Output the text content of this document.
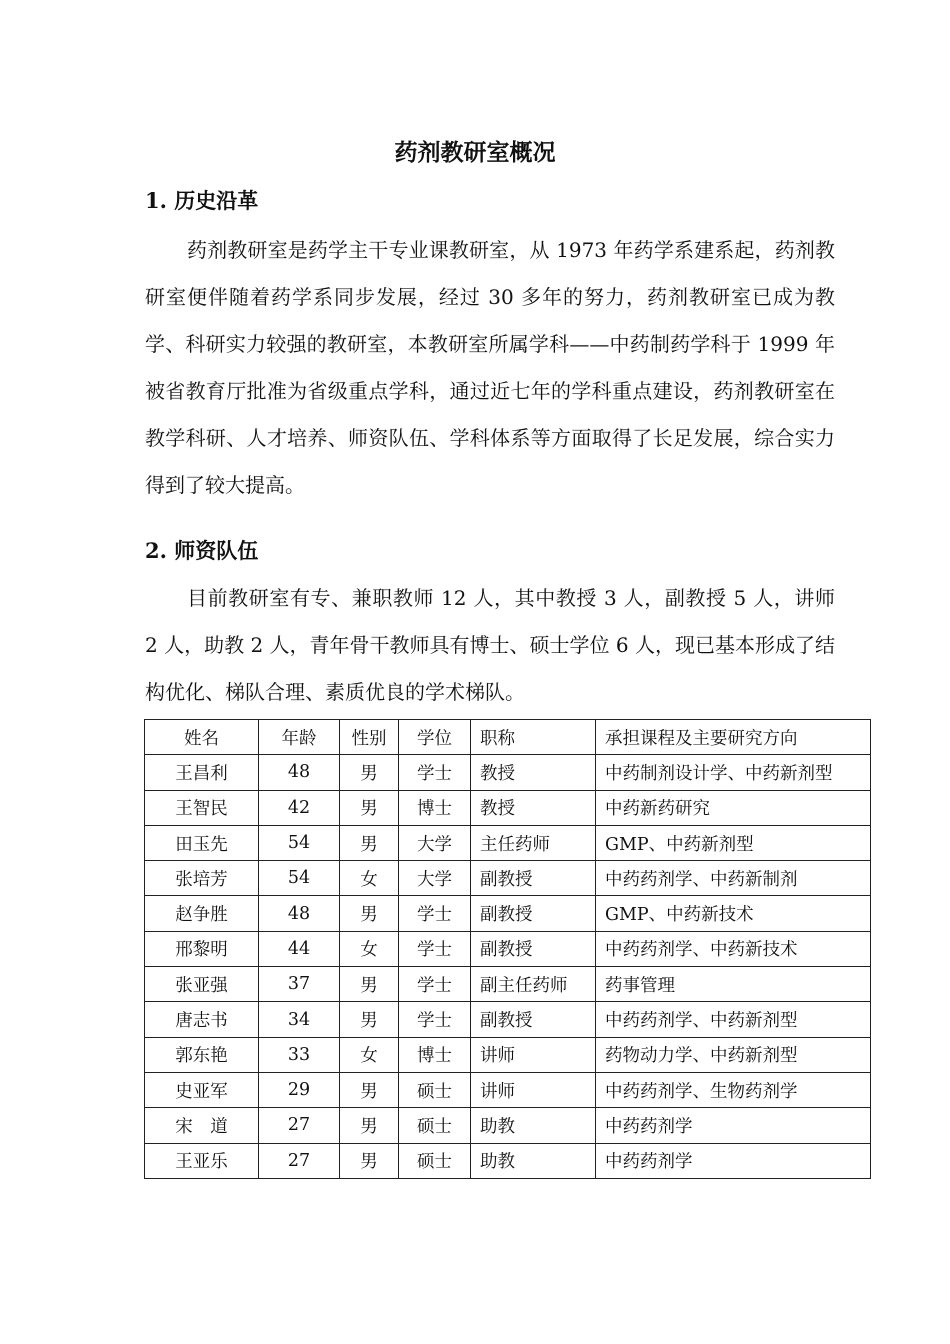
药剂教研室概况
1. 历史沿革

药剂教研室是药学主干专业课教研室，从 1973 年药学系建系起，药剂教研室便伴随着药学系同步发展，经过 30 多年的努力，药剂教研室已成为教学、科研实力较强的教研室，本教研室所属学科——中药制药学科于 1999 年被省教育厅批准为省级重点学科，通过近七年的学科重点建设，药剂教研室在教学科研、人才培养、师资队伍、学科体系等方面取得了长足发展，综合实力得到了较大提高。

2. 师资队伍

目前教研室有专、兼职教师 12 人，其中教授 3 人，副教授 5 人，讲师 2 人，助教 2 人，青年骨干教师具有博士、硕士学位 6 人，现已基本形成了结构优化、梯队合理、素质优良的学术梯队。

姓名	年龄	性别	学位	职称	承担课程及主要研究方向
王昌利	48	男	学士	教授	中药制剂设计学、中药新剂型
王智民	42	男	博士	教授	中药新药研究
田玉先	54	男	大学	主任药师	GMP、中药新剂型
张培芳	54	女	大学	副教授	中药药剂学、中药新制剂
赵争胜	48	男	学士	副教授	GMP、中药新技术
邢黎明	44	女	学士	副教授	中药药剂学、中药新技术
张亚强	37	男	学士	副主任药师	药事管理
唐志书	34	男	学士	副教授	中药药剂学、中药新剂型
郭东艳	33	女	博士	讲师	药物动力学、中药新剂型
史亚军	29	男	硕士	讲师	中药药剂学、生物药剂学
宋　道	27	男	硕士	助教	中药药剂学
王亚乐	27	男	硕士	助教	中药药剂学
